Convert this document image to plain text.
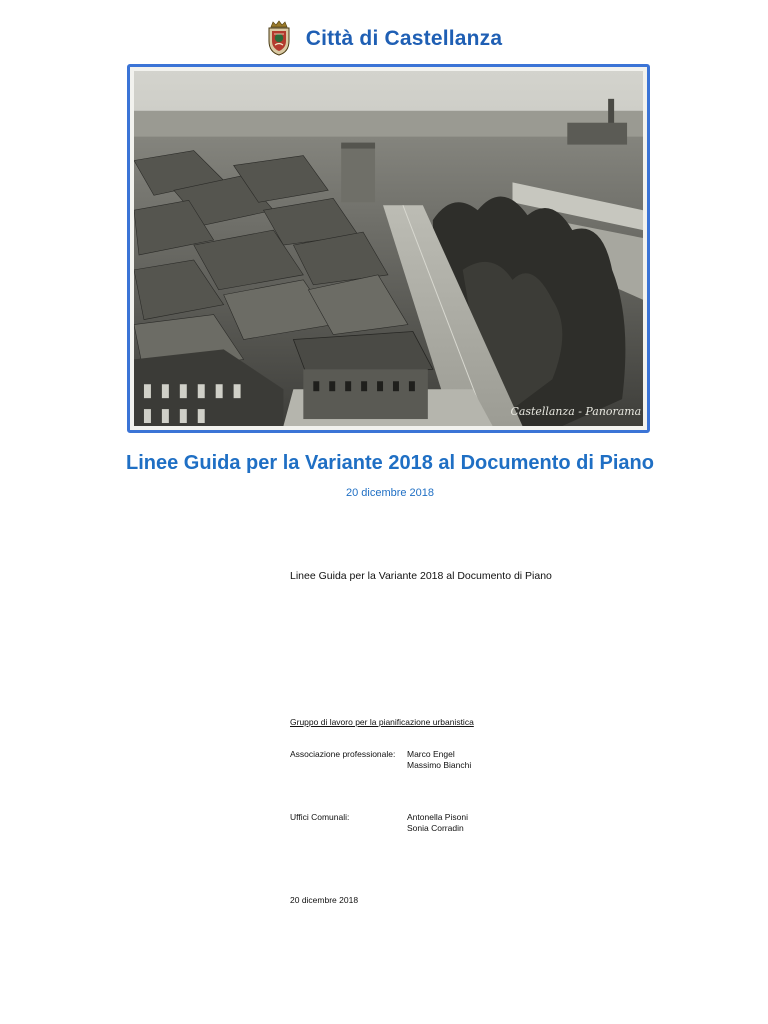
Città di Castellanza
Castellanza - Panorama
Linee Guida per la Variante 2018 al Documento di Piano
20 dicembre 2018
Linee Guida per la Variante 2018 al Documento di Piano
Gruppo di lavoro per la pianificazione urbanistica
Associazione professionale: Marco Engel
Massimo Bianchi
Uffici Comunali:	Antonella Pisoni
Sonia Corradin
20 dicembre 2018
